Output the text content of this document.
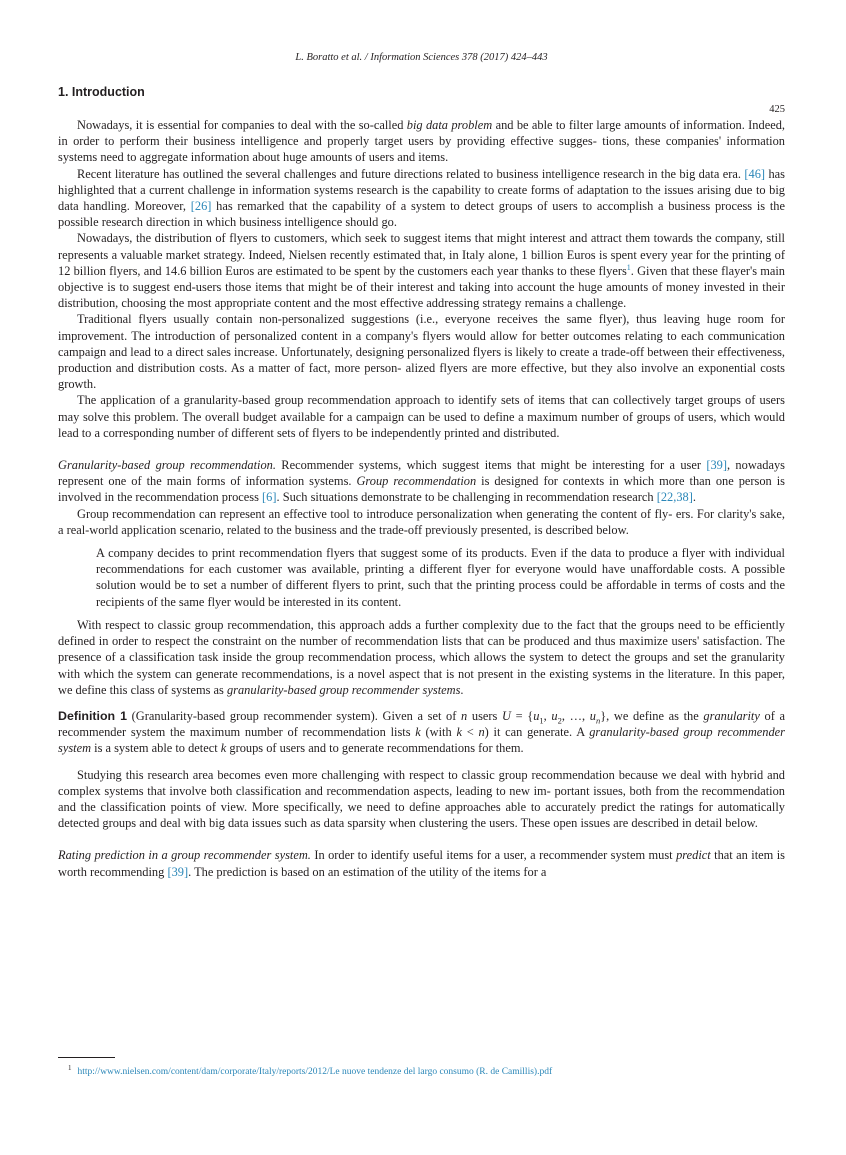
L. Boratto et al. / Information Sciences 378 (2017) 424–443
425
1. Introduction

Nowadays, it is essential for companies to deal with the so-called big data problem and be able to filter large amounts of information. Indeed, in order to perform their business intelligence and properly target users by providing effective sugges- tions, these companies' information systems need to aggregate information about huge amounts of users and items.

Recent literature has outlined the several challenges and future directions related to business intelligence research in the big data era. [46] has highlighted that a current challenge in information systems research is the capability to create forms of adaptation to the issues arising due to big data handling. Moreover, [26] has remarked that the capability of a system to detect groups of users to accomplish a business process is the possible research direction in which business intelligence should go.

Nowadays, the distribution of flyers to customers, which seek to suggest items that might interest and attract them towards the company, still represents a valuable market strategy. Indeed, Nielsen recently estimated that, in Italy alone, 1 billion Euros is spent every year for the printing of 12 billion flyers, and 14.6 billion Euros are estimated to be spent by the customers each year thanks to these flyers$^1$. Given that these flayer's main objective is to suggest end-users those items that might be of their interest and taking into account the huge amounts of money invested in their distribution, choosing the most appropriate content and the most effective addressing strategy remains a challenge.

Traditional flyers usually contain non-personalized suggestions (i.e., everyone receives the same flyer), thus leaving huge room for improvement. The introduction of personalized content in a company's flyers would allow for better outcomes relating to each communication campaign and lead to a direct sales increase. Unfortunately, designing personalized flyers is likely to create a trade-off between their effectiveness, production and distribution costs. As a matter of fact, more person- alized flyers are more effective, but they also involve an exponential costs growth.

The application of a granularity-based group recommendation approach to identify sets of items that can collectively target groups of users may solve this problem. The overall budget available for a campaign can be used to define a maximum number of groups of users, which would lead to a corresponding number of different sets of flyers to be independently printed and distributed.

Granularity-based group recommendation. Recommender systems, which suggest items that might be interesting for a user [39], nowadays represent one of the main forms of information systems. Group recommendation is designed for contexts in which more than one person is involved in the recommendation process [6]. Such situations demonstrate to be challenging in recommendation research [22,38].

Group recommendation can represent an effective tool to introduce personalization when generating the content of fly- ers. For clarity's sake, a real-world application scenario, related to the business and the trade-off previously presented, is described below.

A company decides to print recommendation flyers that suggest some of its products. Even if the data to produce a flyer with individual recommendations for each customer was available, printing a different flyer for everyone would have unaffordable costs. A possible solution would be to set a number of different flyers to print, such that the printing process could be affordable in terms of costs and the recipients of the same flyer would be interested in its content.

With respect to classic group recommendation, this approach adds a further complexity due to the fact that the groups need to be efficiently defined in order to respect the constraint on the number of recommendation lists that can be produced and thus maximize users' satisfaction. The presence of a classification task inside the group recommendation process, which allows the system to detect the groups and set the granularity with which the system can generate recommendations, is a novel aspect that is not present in the existing systems in the literature. In this paper, we define this class of systems as granularity-based group recommender systems.

Definition 1 (Granularity-based group recommender system). Given a set of n users $U = \{u_1$, $u_2$, …, $u_n$}, we define as the granularity of a recommender system the maximum number of recommendation lists k (with k < n) it can generate. A granularity-based group recommender system is a system able to detect k groups of users and to generate recommendations for them.

Studying this research area becomes even more challenging with respect to classic group recommendation because we deal with hybrid and complex systems that involve both classification and recommendation aspects, leading to new im- portant issues, both from the recommendation and the classification points of view. More specifically, we need to define approaches able to accurately predict the ratings for automatically detected groups and deal with big data issues such as data sparsity when clustering the users. These open issues are described in detail below.

Rating prediction in a group recommender system. In order to identify useful items for a user, a recommender system must predict that an item is worth recommending [39]. The prediction is based on an estimation of the utility of the items for a

$^1$ http://www.nielsen.com/content/dam/corporate/Italy/reports/2012/Le nuove tendenze del largo consumo (R. de Camillis).pdf
